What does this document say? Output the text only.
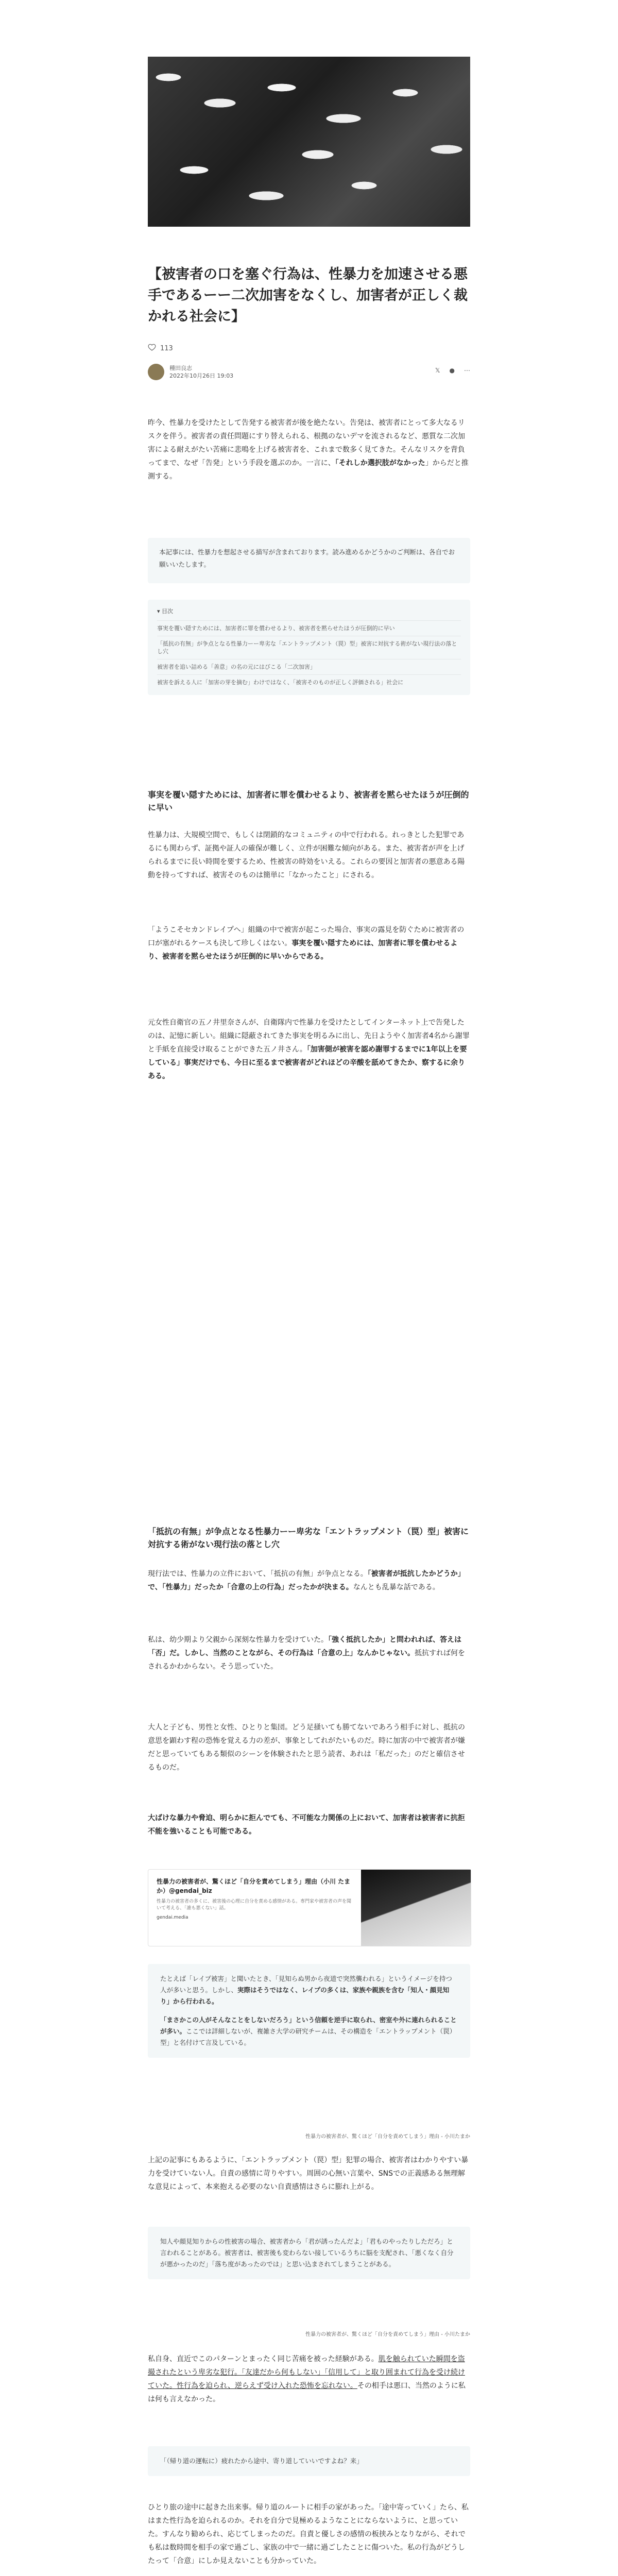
【被害者の口を塞ぐ行為は、性暴力を加速させる悪手であるーー二次加害をなくし、加害者が正しく裁かれる社会に】
113
種田良志
2022年10月26日 19:03
𝕏 ● ⋯

昨今、性暴力を受けたとして告発する被害者が後を絶たない。告発は、被害者にとって多大なるリスクを伴う。被害者の責任問題にすり替えられる、根拠のないデマを流されるなど、悪質な二次加害による耐えがたい苦痛に悲鳴を上げる被害者を、これまで数多く見てきた。そんなリスクを背負ってまで、なぜ「告発」という手段を選ぶのか。一言に、「それしか選択肢がなかった」からだと推測する。

本記事には、性暴力を想起させる描写が含まれております。読み進めるかどうかのご判断は、各自でお願いいたします。
▾ 目次
事実を覆い隠すためには、加害者に罪を償わせるより、被害者を黙らせたほうが圧倒的に早い
「抵抗の有無」が争点となる性暴力ーー卑劣な「エントラップメント（罠）型」被害に対抗する術がない現行法の落とし穴
被害者を追い詰める「善意」の名の元にはびこる「二次加害」
被害を訴える人に「加害の芽を摘む」わけではなく、「被害そのものが正しく評価される」社会に
事実を覆い隠すためには、加害者に罪を償わせるより、被害者を黙らせたほうが圧倒的に早い

性暴力は、大規模空間で、もしくは閉鎖的なコミュニティの中で行われる。れっきとした犯罪であるにも関わらず、証拠や証人の確保が難しく、立件が困難な傾向がある。また、被害者が声を上げられるまでに長い時間を要するため、性被害の時効をいえる。これらの要因と加害者の悪意ある陽動を持ってすれば、被害そのものは簡単に「なかったこと」にされる。

「ようこそセカンドレイプへ」組織の中で被害が起こった場合、事実の露見を防ぐために被害者の口が塞がれるケースも決して珍しくはない。事実を覆い隠すためには、加害者に罪を償わせるより、被害者を黙らせたほうが圧倒的に早いからである。

元女性自衛官の五ノ井里奈さんが、自衛隊内で性暴力を受けたとしてインターネット上で告発したのは、記憶に新しい。組織に隠蔽されてきた事実を明るみに出し、先日ようやく加害者4名から謝罪と手紙を直接受け取ることができた五ノ井さん。「加害側が被害を認め謝罪するまでに1年以上を要している」事実だけでも、今日に至るまで被害者がどれほどの辛酸を舐めてきたか、察するに余りある。

「抵抗の有無」が争点となる性暴力ーー卑劣な「エントラップメント（罠）型」被害に対抗する術がない現行法の落とし穴

現行法では、性暴力の立件において、「抵抗の有無」が争点となる。「被害者が抵抗したかどうか」で、「性暴力」だったか「合意の上の行為」だったかが決まる。なんとも乱暴な話である。

私は、幼少期より父親から深刻な性暴力を受けていた。「強く抵抗したか」と問われれば、答えは「否」だ。しかし、当然のことながら、その行為は「合意の上」なんかじゃない。抵抗すれば何をされるかわからない。そう思っていた。

大人と子ども、男性と女性、ひとりと集団。どう足掻いても勝てないであろう相手に対し、抵抗の意思を顕わす程の恐怖を覚える力の差が、事象としてれがたいものだ。時に加害の中で被害者が嫌だと思っていてもある類似のシーンを体験されたと思う読者、あれは「私だった」のだと確信させるものだ。

大ばけな暴力や脅迫、明らかに拒んでても、不可能な力関係の上において、加害者は被害者に抗拒不能を強いることも可能である。

性暴力の被害者が、驚くほど「自分を責めてしまう」理由（小川 たまか）@gendai_biz

性暴力の被害者の多くに、被害後の心理に自分を責める感情がある。専門家や被害者の声を聞いて考える、「誰も悪くない」話。

gendai.media

たとえば「レイプ被害」と聞いたとき、「見知らぬ男から夜道で突然襲われる」というイメージを持つ人が多いと思う。しかし、実際はそうではなく、レイプの多くは、家族や親族を含む「知人・顔見知り」から行われる。

「まさかこの人がそんなことをしないだろう」という信頼を逆手に取られ、密室や外に連れられることが多い。ここでは詳細しないが、複雑さ大学の研究チームは、その構造を「エントラップメント（罠）型」と名付けて言及している。

性暴力の被害者が、驚くほど「自分を責めてしまう」理由 - 小川たまか

上記の記事にもあるように、「エントラップメント（罠）型」犯罪の場合、被害者はわかりやすい暴力を受けていない人。自責の感情に苛りやすい。周囲の心無い言葉や、SNSでの正義感ある無理解な意見によって、本来抱える必要のない自責感情はさらに膨れ上がる。

知人や顔見知りからの性被害の場合、被害者から「君が誘ったんだよ」「君ものやったりしただろ」と言われることがある。被害者は、被害後も変わらない接しているうちに脳を支配され、「悪くなく自分が悪かったのだ」「落ち度があったのでは」と思い込まされてしまうことがある。
性暴力の被害者が、驚くほど「自分を責めてしまう」理由 - 小川たまか

私自身、直近でこのパターンとまったく同じ苦痛を被った経験がある。肌を触られていた瞬間を盗撮されたという卑劣な犯行。「友達だから何もしない」「信用して」と取り囲まれて行為を受け続けていた。性行為を迫られ、逆らえず受け入れた恐怖を忘れない。その相手は悪口、当然のように私は何も言えなかった。

「（帰り道の運転に）疲れたから途中、寄り道していいですよね？来」

ひとり旅の途中に起きた出来事。帰り道のルートに相手の家があった。「途中寄っていく」たら、私はまた性行為を迫られるのか。それを自分で見極めるようなことにならないように、と思っていた。すんなり勧められ、応じてしまったのだ。自責と優しさの感情の板挟みとなりながら、それでも私は数時間を相手の家で過ごし、家族の中で一緒に過ごしたことに傷ついた。私の行為がどうしたって「合意」にしか見えないことも分かっていた。
